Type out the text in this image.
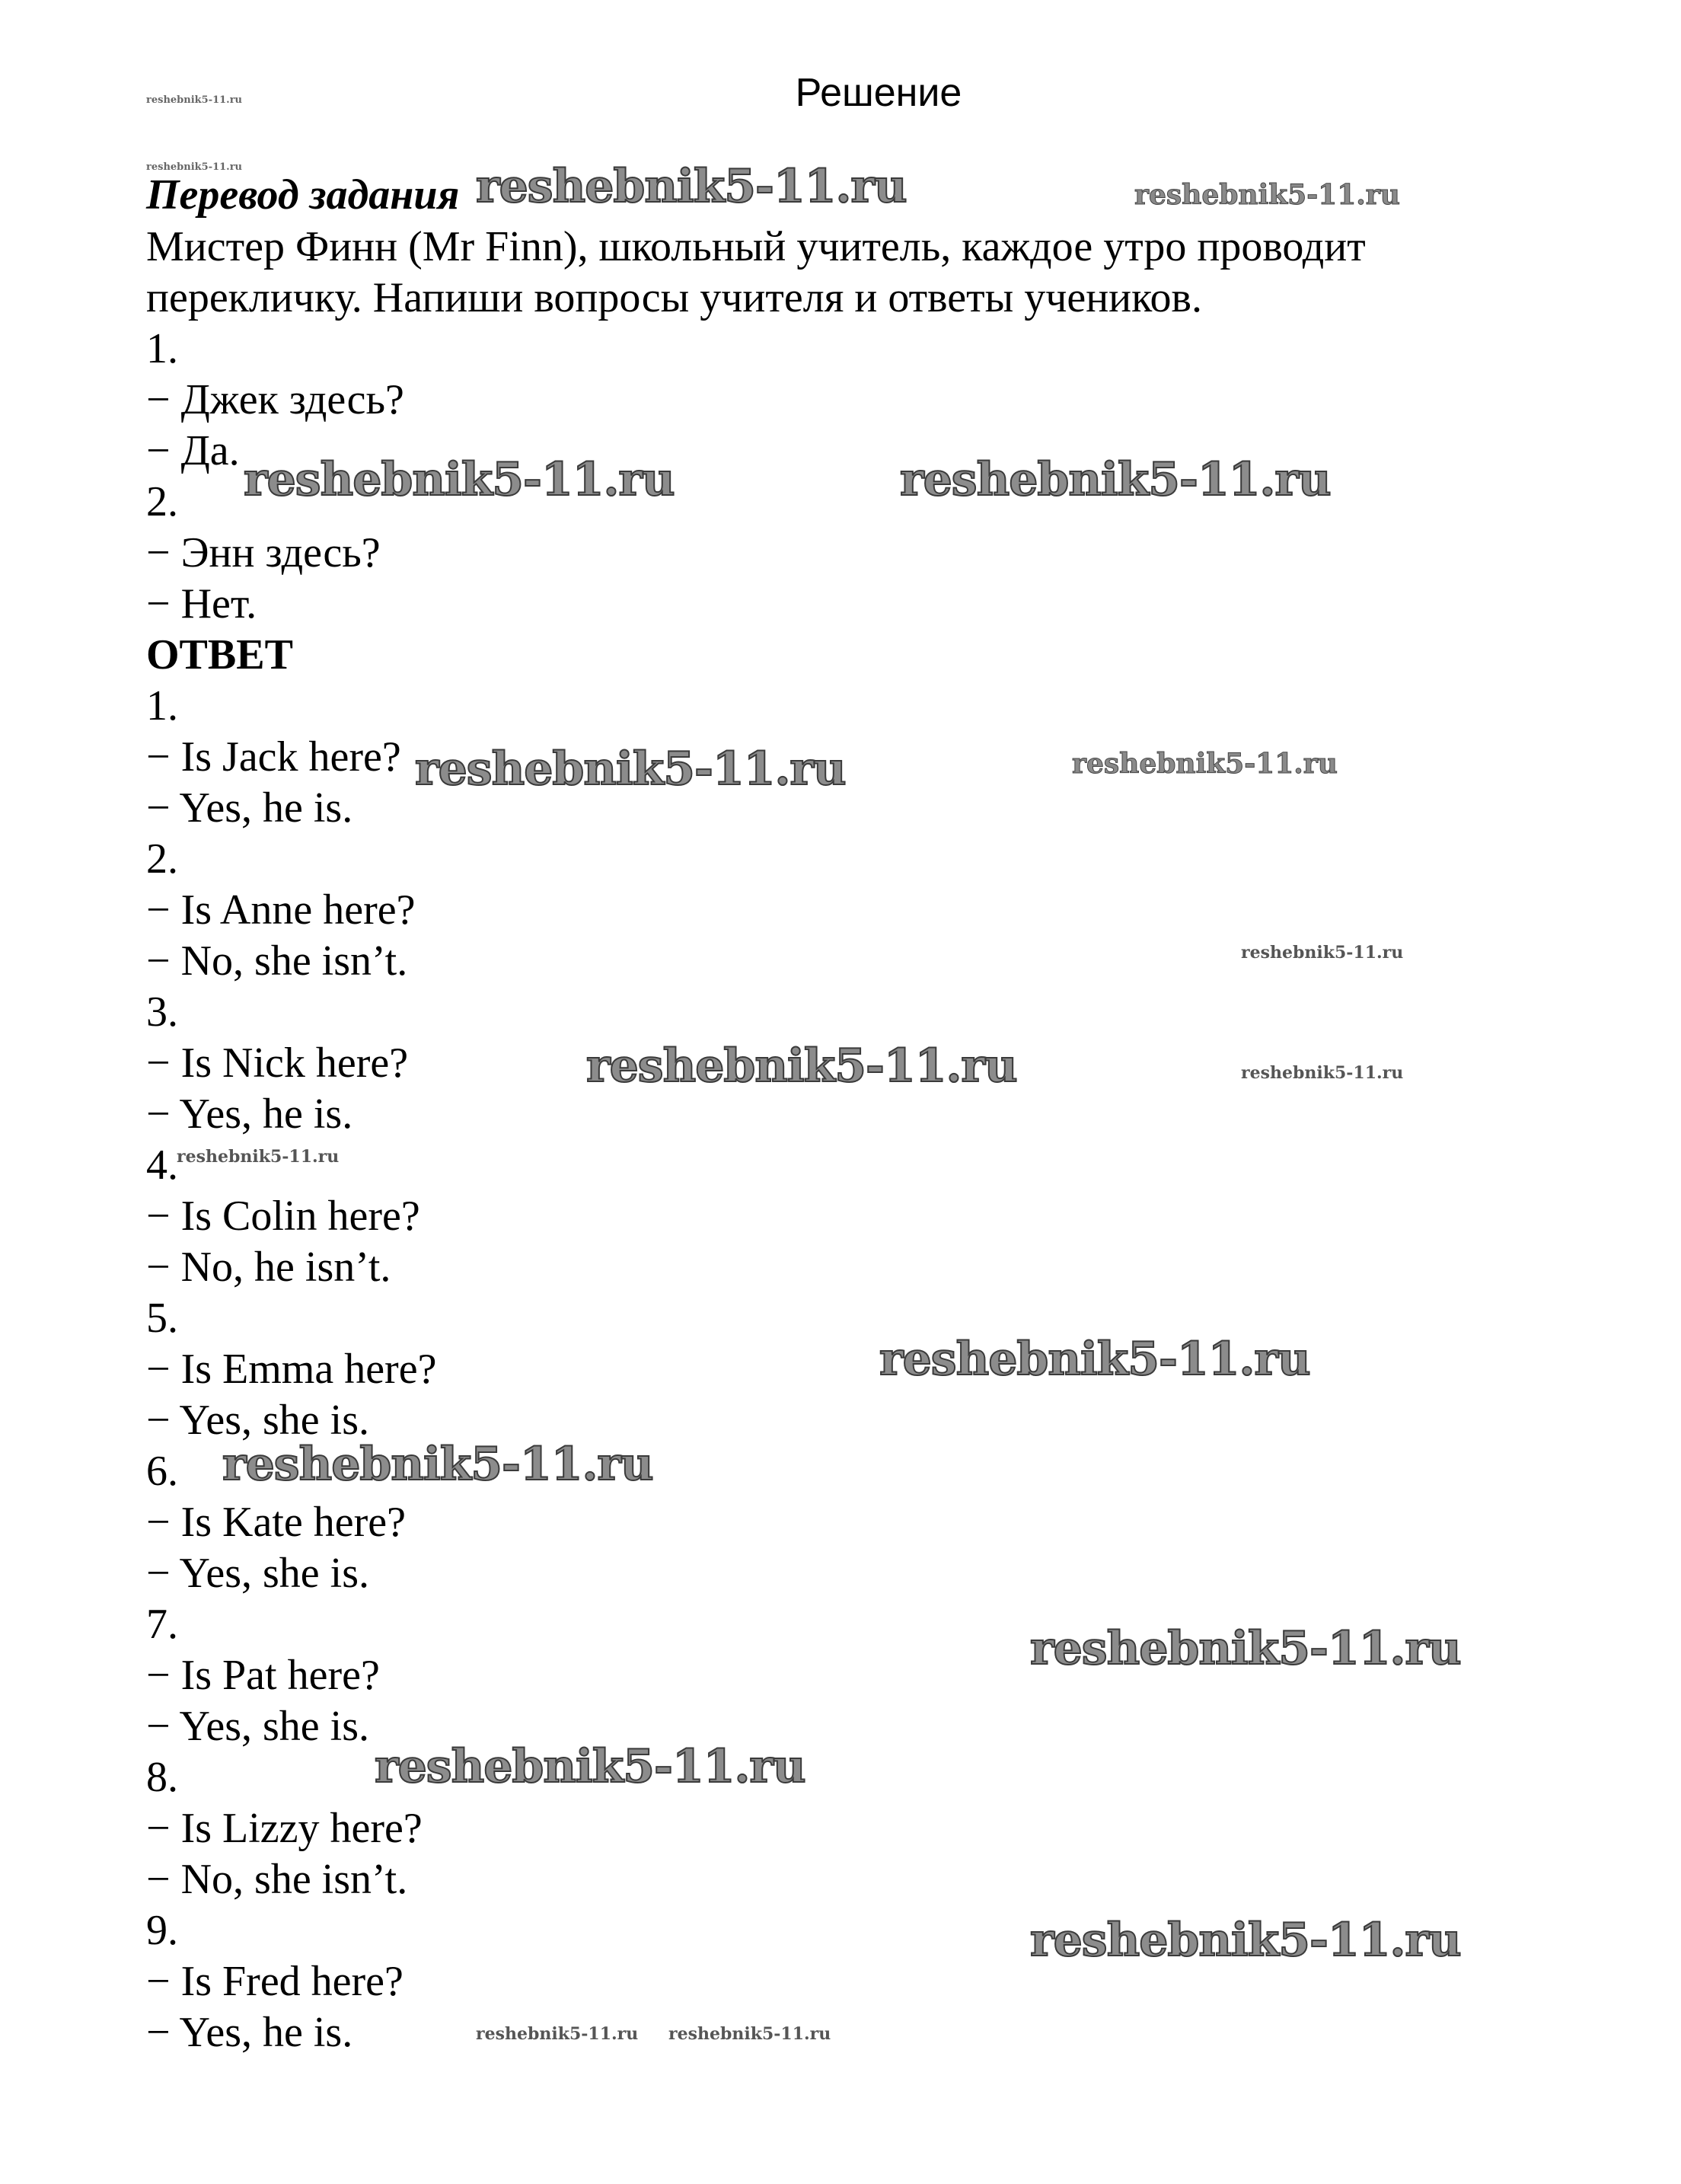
Решение
Перевод задания
Мистер Финн (Mr Finn), школьный учитель, каждое утро проводит
перекличку. Напиши вопросы учителя и ответы учеников.
1.
− Джек здесь?
− Да.
2.
− Энн здесь?
− Нет.
ОТВЕТ
1.
− Is Jack here?
− Yes, he is.
2.
− Is Anne here?
− No, she isn’t.
3.
− Is Nick here?
− Yes, he is.
4.
− Is Colin here?
− No, he isn’t.
5.
− Is Emma here?
− Yes, she is.
6.
− Is Kate here?
− Yes, she is.
7.
− Is Pat here?
− Yes, she is.
8.
− Is Lizzy here?
− No, she isn’t.
9.
− Is Fred here?
− Yes, he is.
reshebnik5-11.ru
reshebnik5-11.ru	reshebnik5-11.ru	reshebnik5-11.ru
reshebnik5-11.ru	reshebnik5-11.ru
reshebnik5-11.ru	reshebnik5-11.ru
reshebnik5-11.ru
reshebnik5-11.ru	reshebnik5-11.ru
reshebnik5-11.ru
reshebnik5-11.ru
reshebnik5-11.ru
reshebnik5-11.ru
reshebnik5-11.ru
reshebnik5-11.ru
reshebnik5-11.ru reshebnik5-11.ru
